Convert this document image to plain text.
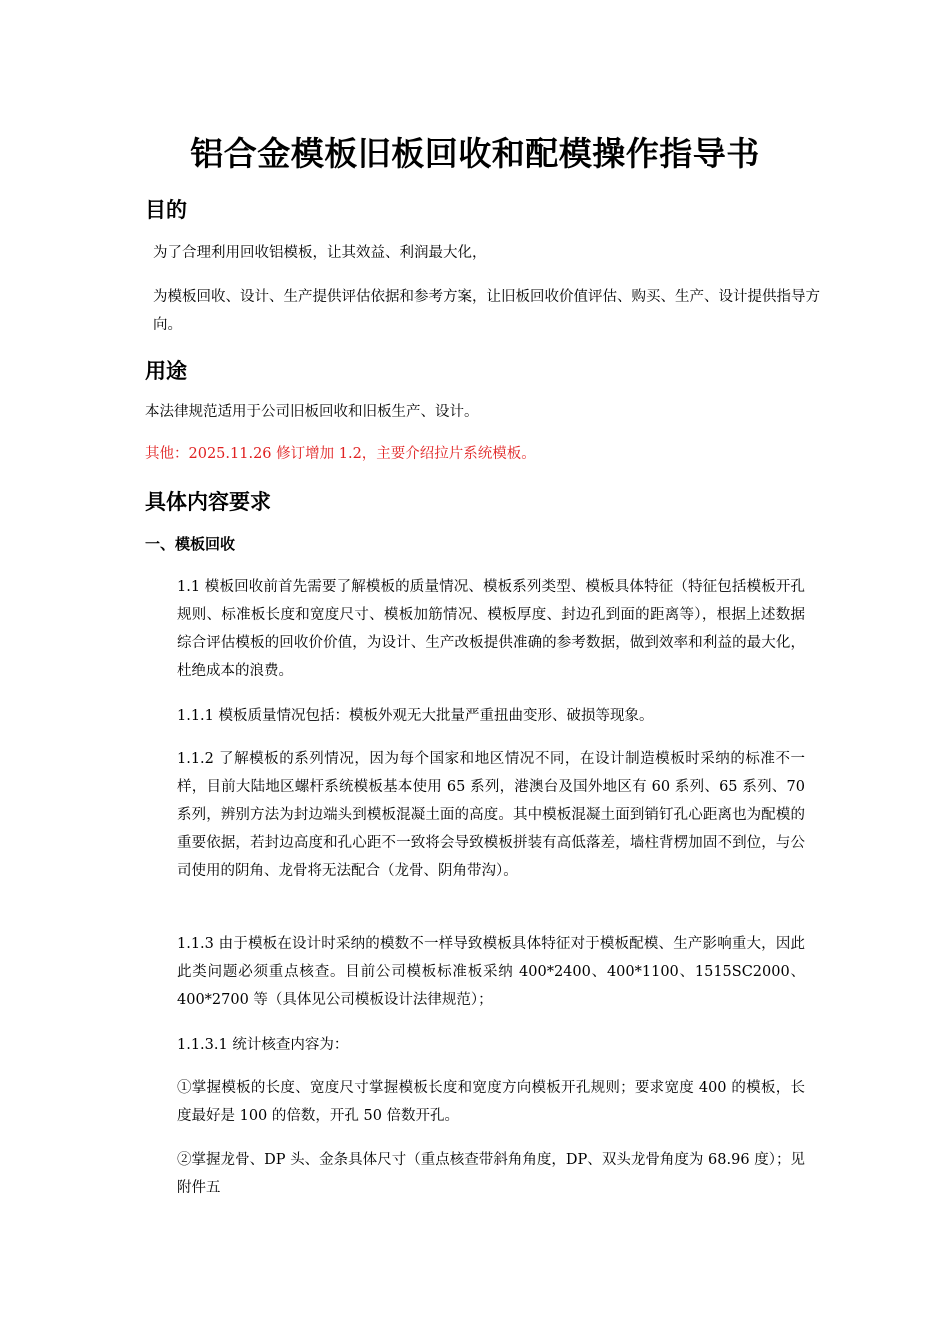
铝合金模板旧板回收和配模操作指导书
目的

为了合理利用回收铝模板，让其效益、利润最大化，

为模板回收、设计、生产提供评估依据和参考方案，让旧板回收价值评估、购买、生产、设计提供指导方向。

用途

本法律规范适用于公司旧板回收和旧板生产、设计。

其他：2025.11.26 修订增加 1.2，主要介绍拉片系统模板。

具体内容要求
一、模板回收

1.1 模板回收前首先需要了解模板的质量情况、模板系列类型、模板具体特征（特征包括模板开孔规则、标准板长度和宽度尺寸、模板加筋情况、模板厚度、封边孔到面的距离等），根据上述数据综合评估模板的回收价价值，为设计、生产改板提供准确的参考数据，做到效率和利益的最大化，杜绝成本的浪费。

1.1.1 模板质量情况包括：模板外观无大批量严重扭曲变形、破损等现象。

1.1.2 了解模板的系列情况，因为每个国家和地区情况不同，在设计制造模板时采纳的标准不一样，目前大陆地区螺杆系统模板基本使用 65 系列，港澳台及国外地区有 60 系列、65 系列、70 系列，辨别方法为封边端头到模板混凝土面的高度。其中模板混凝土面到销钉孔心距离也为配模的重要依据，若封边高度和孔心距不一致将会导致模板拼装有高低落差，墙柱背楞加固不到位，与公司使用的阴角、龙骨将无法配合（龙骨、阴角带沟）。

1.1.3 由于模板在设计时采纳的模数不一样导致模板具体特征对于模板配模、生产影响重大，因此此类问题必须重点核查。目前公司模板标准板采纳 400*2400、400*1100、1515SC2000、400*2700 等（具体见公司模板设计法律规范）；

1.1.3.1 统计核查内容为：

①掌握模板的长度、宽度尺寸掌握模板长度和宽度方向模板开孔规则；要求宽度 400 的模板，长度最好是 100 的倍数，开孔 50 倍数开孔。

②掌握龙骨、DP 头、金条具体尺寸（重点核查带斜角角度，DP、双头龙骨角度为 68.96 度）；见附件五
